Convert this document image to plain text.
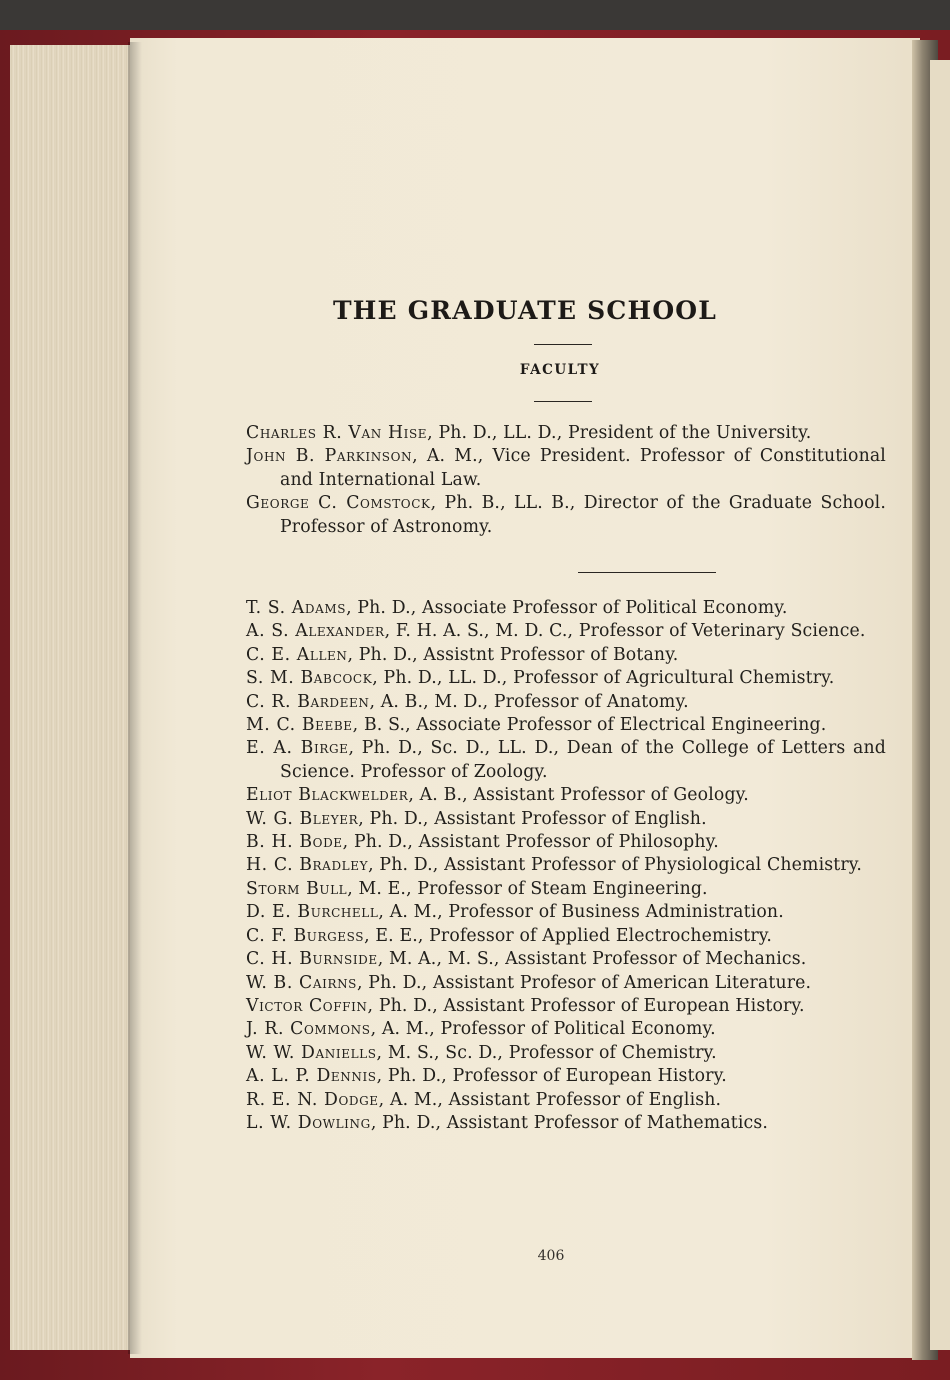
THE GRADUATE SCHOOL
FACULTY
Charles R. Van Hise, Ph. D., LL. D., President of the University.
John B. Parkinson, A. M., Vice President. Professor of Constitutional and International Law.
George C. Comstock, Ph. B., LL. B., Director of the Graduate School. Professor of Astronomy.
T. S. Adams, Ph. D., Associate Professor of Political Economy.
A. S. Alexander, F. H. A. S., M. D. C., Professor of Veterinary Science.
C. E. Allen, Ph. D., Assistnt Professor of Botany.
S. M. Babcock, Ph. D., LL. D., Professor of Agricultural Chemistry.
C. R. Bardeen, A. B., M. D., Professor of Anatomy.
M. C. Beebe, B. S., Associate Professor of Electrical Engineering.
E. A. Birge, Ph. D., Sc. D., LL. D., Dean of the College of Letters and Science. Professor of Zoology.
Eliot Blackwelder, A. B., Assistant Professor of Geology.
W. G. Bleyer, Ph. D., Assistant Professor of English.
B. H. Bode, Ph. D., Assistant Professor of Philosophy.
H. C. Bradley, Ph. D., Assistant Professor of Physiological Chemistry.
Storm Bull, M. E., Professor of Steam Engineering.
D. E. Burchell, A. M., Professor of Business Administration.
C. F. Burgess, E. E., Professor of Applied Electrochemistry.
C. H. Burnside, M. A., M. S., Assistant Professor of Mechanics.
W. B. Cairns, Ph. D., Assistant Profesor of American Literature.
Victor Coffin, Ph. D., Assistant Professor of European History.
J. R. Commons, A. M., Professor of Political Economy.
W. W. Daniells, M. S., Sc. D., Professor of Chemistry.
A. L. P. Dennis, Ph. D., Professor of European History.
R. E. N. Dodge, A. M., Assistant Professor of English.
L. W. Dowling, Ph. D., Assistant Professor of Mathematics.
406
